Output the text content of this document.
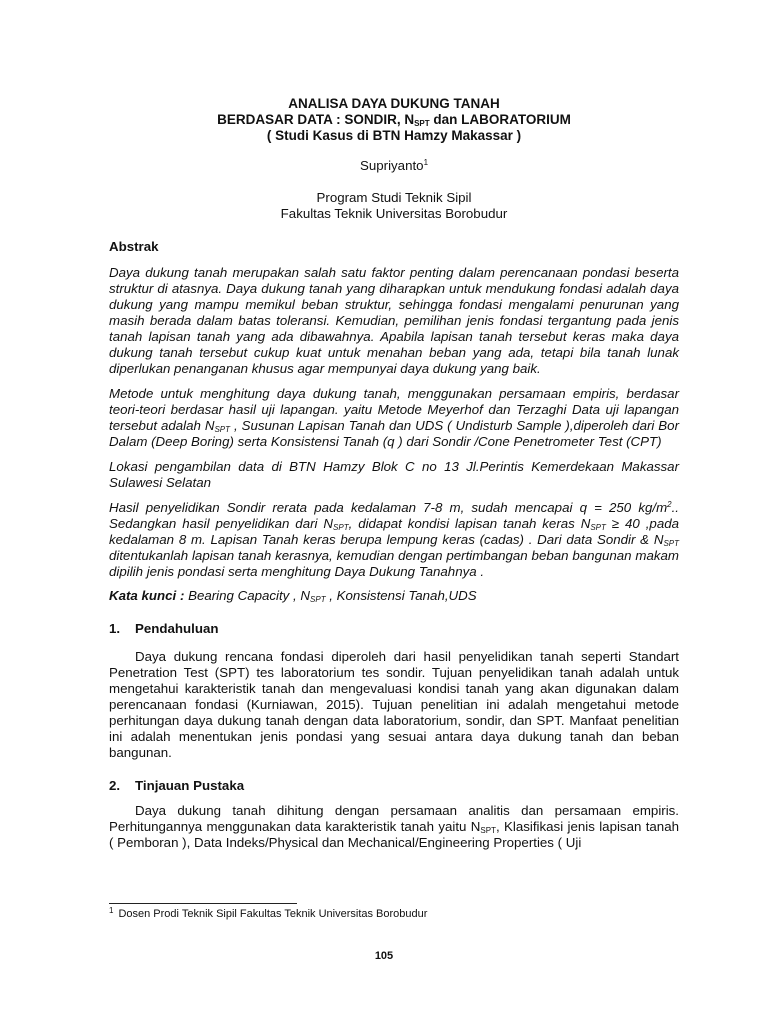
ANALISA DAYA DUKUNG TANAH
BERDASAR DATA : SONDIR, $N_{SPT}$ dan LABORATORIUM
( Studi Kasus di BTN Hamzy Makassar )
Supriyanto$^1$
Program Studi Teknik Sipil
Fakultas Teknik Universitas Borobudur
Abstrak

Daya dukung tanah merupakan salah satu faktor penting dalam perencanaan pondasi beserta struktur di atasnya. Daya dukung tanah yang diharapkan untuk mendukung fondasi adalah daya dukung yang mampu memikul beban struktur, sehingga fondasi mengalami penurunan yang masih berada dalam batas toleransi. Kemudian, pemilihan jenis fondasi tergantung pada jenis tanah lapisan tanah yang ada dibawahnya. Apabila lapisan tanah tersebut keras maka daya dukung tanah tersebut cukup kuat untuk menahan beban yang ada, tetapi bila tanah lunak diperlukan penanganan khusus agar mempunyai daya dukung yang baik.

Metode untuk menghitung daya dukung tanah, menggunakan persamaan empiris, berdasar teori-teori berdasar hasil uji lapangan. yaitu Metode Meyerhof dan Terzaghi Data uji lapangan tersebut adalah $N_{SPT}$ , Susunan Lapisan Tanah dan UDS ( Undisturb Sample ),diperoleh dari Bor Dalam (Deep Boring) serta Konsistensi Tanah (q ) dari Sondir /Cone Penetrometer Test (CPT)

Lokasi pengambilan data di BTN Hamzy Blok C no 13 Jl.Perintis Kemerdekaan Makassar Sulawesi Selatan

Hasil penyelidikan Sondir rerata pada kedalaman 7-8 m, sudah mencapai q = 250 $kg/m^2$.. Sedangkan hasil penyelidikan dari $N_{SPT}$, didapat kondisi lapisan tanah keras $N_{SPT} \ge 40$ ,pada kedalaman 8 m. Lapisan Tanah keras berupa lempung keras (cadas) . Dari data Sondir & $N_{SPT}$ ditentukanlah lapisan tanah kerasnya, kemudian dengan pertimbangan beban bangunan makam dipilih jenis pondasi serta menghitung Daya Dukung Tanahnya .

Kata kunci : Bearing Capacity , $N_{SPT}$ , Konsistensi Tanah,UDS

1.	Pendahuluan

Daya dukung rencana fondasi diperoleh dari hasil penyelidikan tanah seperti Standart Penetration Test (SPT) tes laboratorium tes sondir. Tujuan penyelidikan tanah adalah untuk mengetahui karakteristik tanah dan mengevaluasi kondisi tanah yang akan digunakan dalam perencanaan fondasi (Kurniawan, 2015). Tujuan penelitian ini adalah mengetahui metode perhitungan daya dukung tanah dengan data laboratorium, sondir, dan SPT. Manfaat penelitian ini adalah menentukan jenis pondasi yang sesuai antara daya dukung tanah dan beban bangunan.

2.	Tinjauan Pustaka

Daya dukung tanah dihitung dengan persamaan analitis dan persamaan empiris. Perhitungannya menggunakan data karakteristik tanah yaitu $N_{SPT}$, Klasifikasi jenis lapisan tanah ( Pemboran ), Data Indeks/Physical dan Mechanical/Engineering Properties ( Uji

$^1$ Dosen Prodi Teknik Sipil Fakultas Teknik Universitas Borobudur
105
